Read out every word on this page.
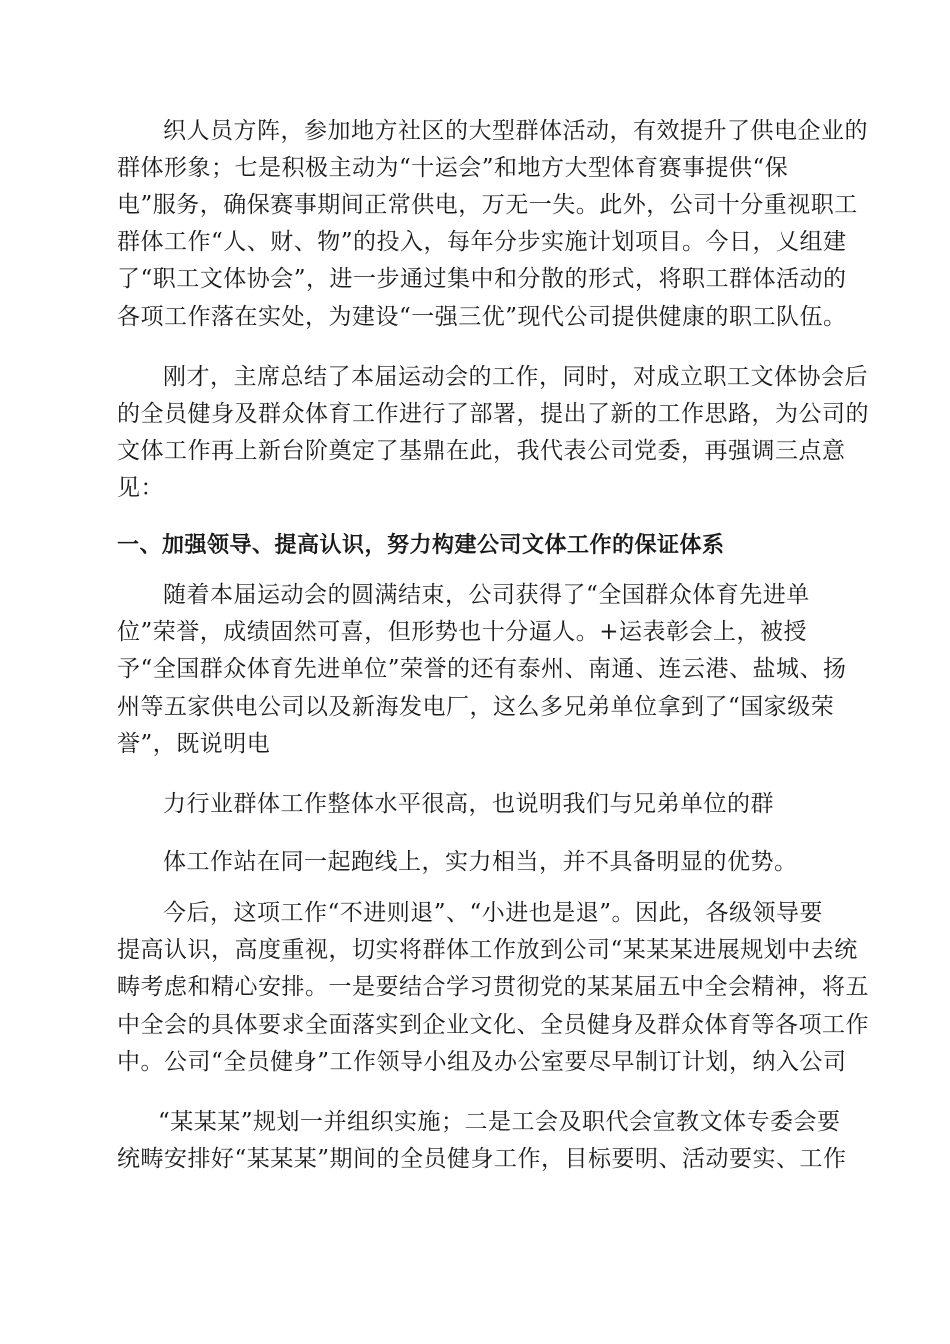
织人员方阵，参加地方社区的大型群体活动，有效提升了供电企业的
群体形象；七是积极主动为“十运会”和地方大型体育赛事提供“保
电”服务，确保赛事期间正常供电，万无一失。此外，公司十分重视职工
群体工作“人、财、物”的投入，每年分步实施计划项目。今日，乂组建
了“职工文体协会”，进一步通过集中和分散的形式，将职工群体活动的
各项工作落在实处，为建设“一强三优”现代公司提供健康的职工队伍。
刚才，主席总结了本届运动会的工作，同时，对成立职工文体协会后
的全员健身及群众体育工作进行了部署，提出了新的工作思路，为公司的
文体工作再上新台阶奠定了基鼎在此，我代表公司党委，再强调三点意
见：
一、加强领导、提高认识，努力构建公司文体工作的保证体系
随着本届运动会的圆满结束，公司获得了“全国群众体育先进单
位”荣誉，成绩固然可喜，但形势也十分逼人。+运表彰会上，被授
予“全国群众体育先进单位”荣誉的还有泰州、南通、连云港、盐城、扬
州等五家供电公司以及新海发电厂，这么多兄弟单位拿到了“国家级荣
誉”，既说明电
力行业群体工作整体水平很高，也说明我们与兄弟单位的群
体工作站在同一起跑线上，实力相当，并不具备明显的优势。
今后，这项工作“不进则退”、“小进也是退”。因此，各级领导要
提高认识，高度重视，切实将群体工作放到公司“某某某进展规划中去统
畴考虑和精心安排。一是要结合学习贯彻党的某某届五中全会精神，将五
中全会的具体要求全面落实到企业文化、全员健身及群众体育等各项工作
中。公司“全员健身”工作领导小组及办公室要尽早制订计划，纳入公司
“某某某”规划一并组织实施；二是工会及职代会宣教文体专委会要
统畴安排好“某某某”期间的全员健身工作，目标要明、活动要实、工作
